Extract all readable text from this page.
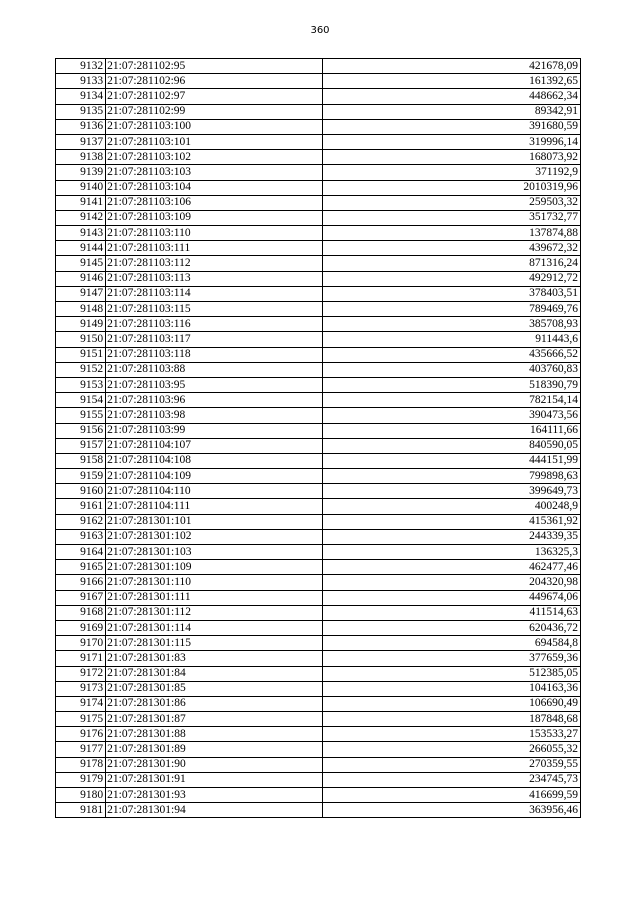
360
9132	21:07:281102:95	421678,09
9133	21:07:281102:96	161392,65
9134	21:07:281102:97	448662,34
9135	21:07:281102:99	89342,91
9136	21:07:281103:100	391680,59
9137	21:07:281103:101	319996,14
9138	21:07:281103:102	168073,92
9139	21:07:281103:103	371192,9
9140	21:07:281103:104	2010319,96
9141	21:07:281103:106	259503,32
9142	21:07:281103:109	351732,77
9143	21:07:281103:110	137874,88
9144	21:07:281103:111	439672,32
9145	21:07:281103:112	871316,24
9146	21:07:281103:113	492912,72
9147	21:07:281103:114	378403,51
9148	21:07:281103:115	789469,76
9149	21:07:281103:116	385708,93
9150	21:07:281103:117	911443,6
9151	21:07:281103:118	435666,52
9152	21:07:281103:88	403760,83
9153	21:07:281103:95	518390,79
9154	21:07:281103:96	782154,14
9155	21:07:281103:98	390473,56
9156	21:07:281103:99	164111,66
9157	21:07:281104:107	840590,05
9158	21:07:281104:108	444151,99
9159	21:07:281104:109	799898,63
9160	21:07:281104:110	399649,73
9161	21:07:281104:111	400248,9
9162	21:07:281301:101	415361,92
9163	21:07:281301:102	244339,35
9164	21:07:281301:103	136325,3
9165	21:07:281301:109	462477,46
9166	21:07:281301:110	204320,98
9167	21:07:281301:111	449674,06
9168	21:07:281301:112	411514,63
9169	21:07:281301:114	620436,72
9170	21:07:281301:115	694584,8
9171	21:07:281301:83	377659,36
9172	21:07:281301:84	512385,05
9173	21:07:281301:85	104163,36
9174	21:07:281301:86	106690,49
9175	21:07:281301:87	187848,68
9176	21:07:281301:88	153533,27
9177	21:07:281301:89	266055,32
9178	21:07:281301:90	270359,55
9179	21:07:281301:91	234745,73
9180	21:07:281301:93	416699,59
9181	21:07:281301:94	363956,46
